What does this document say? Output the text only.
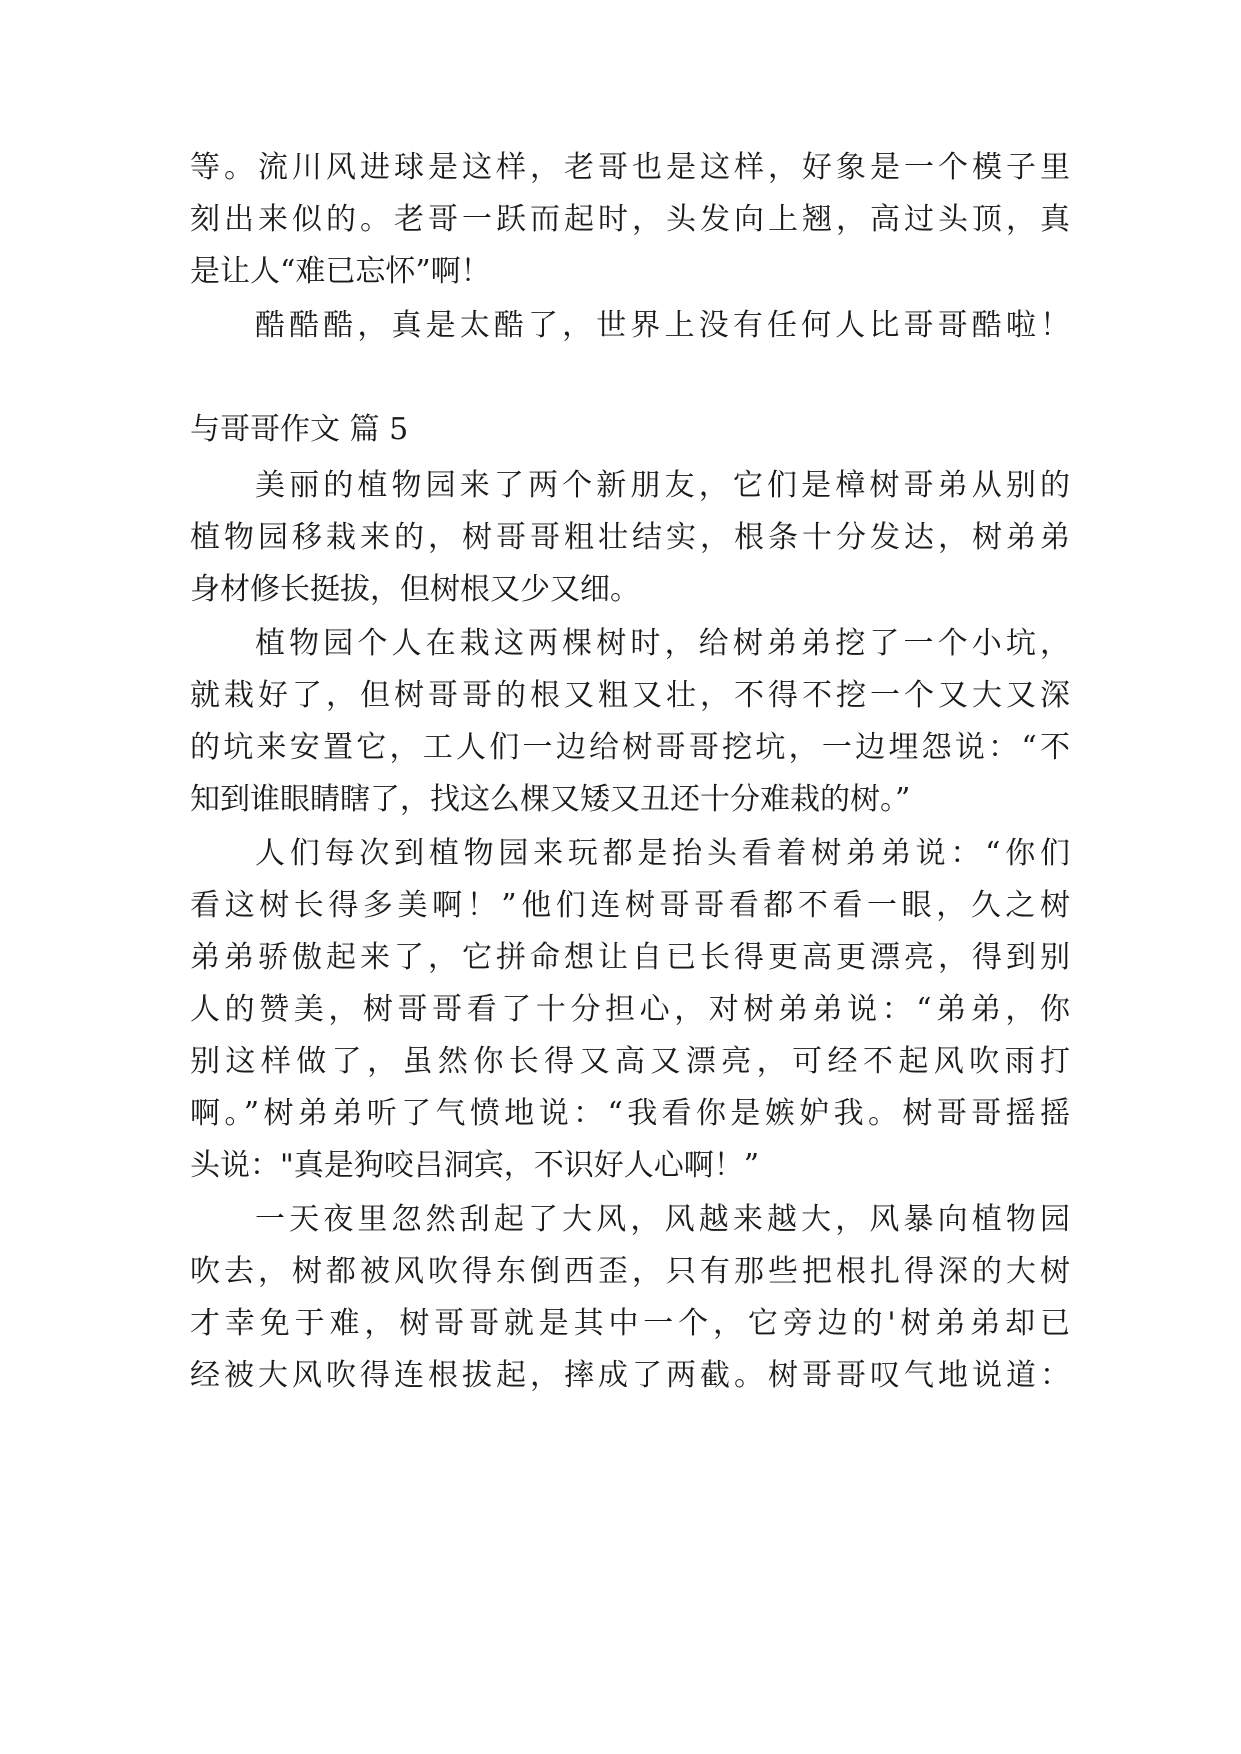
等。流川风进球是这样，老哥也是这样，好象是一个模子里
刻出来似的。老哥一跃而起时，头发向上翘，高过头顶，真
是让人“难已忘怀”啊！
酷酷酷，真是太酷了，世界上没有任何人比哥哥酷啦！
与哥哥作文 篇 5
美丽的植物园来了两个新朋友，它们是樟树哥弟从别的
植物园移栽来的，树哥哥粗壮结实，根条十分发达，树弟弟
身材修长挺拔，但树根又少又细。
植物园个人在栽这两棵树时，给树弟弟挖了一个小坑，
就栽好了，但树哥哥的根又粗又壮，不得不挖一个又大又深
的坑来安置它，工人们一边给树哥哥挖坑，一边埋怨说：“不
知到谁眼睛瞎了，找这么棵又矮又丑还十分难栽的树。”
人们每次到植物园来玩都是抬头看着树弟弟说：“你们
看这树长得多美啊！”他们连树哥哥看都不看一眼，久之树
弟弟骄傲起来了，它拼命想让自已长得更高更漂亮，得到别
人的赞美，树哥哥看了十分担心，对树弟弟说：“弟弟，你
别这样做了，虽然你长得又高又漂亮，可经不起风吹雨打
啊。”树弟弟听了气愤地说：“我看你是嫉妒我。树哥哥摇摇
头说："真是狗咬吕洞宾，不识好人心啊！”
一天夜里忽然刮起了大风，风越来越大，风暴向植物园
吹去，树都被风吹得东倒西歪，只有那些把根扎得深的大树
才幸免于难，树哥哥就是其中一个，它旁边的'树弟弟却已
经被大风吹得连根拔起，摔成了两截。树哥哥叹气地说道：
